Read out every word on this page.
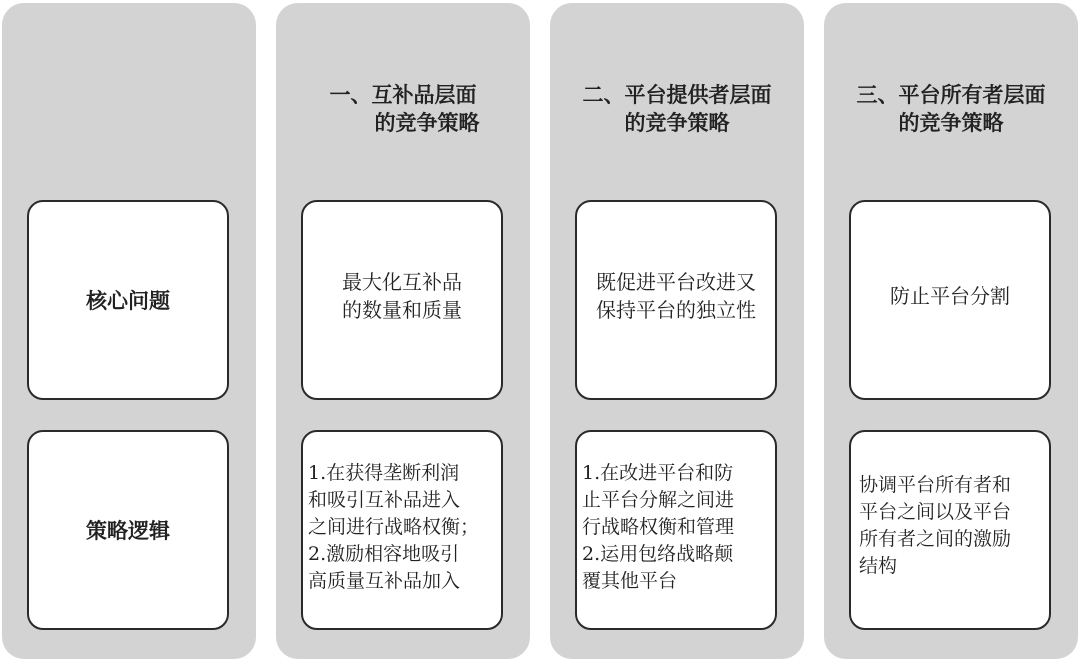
核心问题
策略逻辑
一、互补品层面
的竞争策略
最大化互补品
的数量和质量
1.在获得垄断利润
和吸引互补品进入
之间进行战略权衡；
2.激励相容地吸引
高质量互补品加入
二、平台提供者层面
的竞争策略
既促进平台改进又
保持平台的独立性
1.在改进平台和防
止平台分解之间进
行战略权衡和管理
2.运用包络战略颠
覆其他平台
三、平台所有者层面
的竞争策略
防止平台分割
协调平台所有者和
平台之间以及平台
所有者之间的激励
结构
